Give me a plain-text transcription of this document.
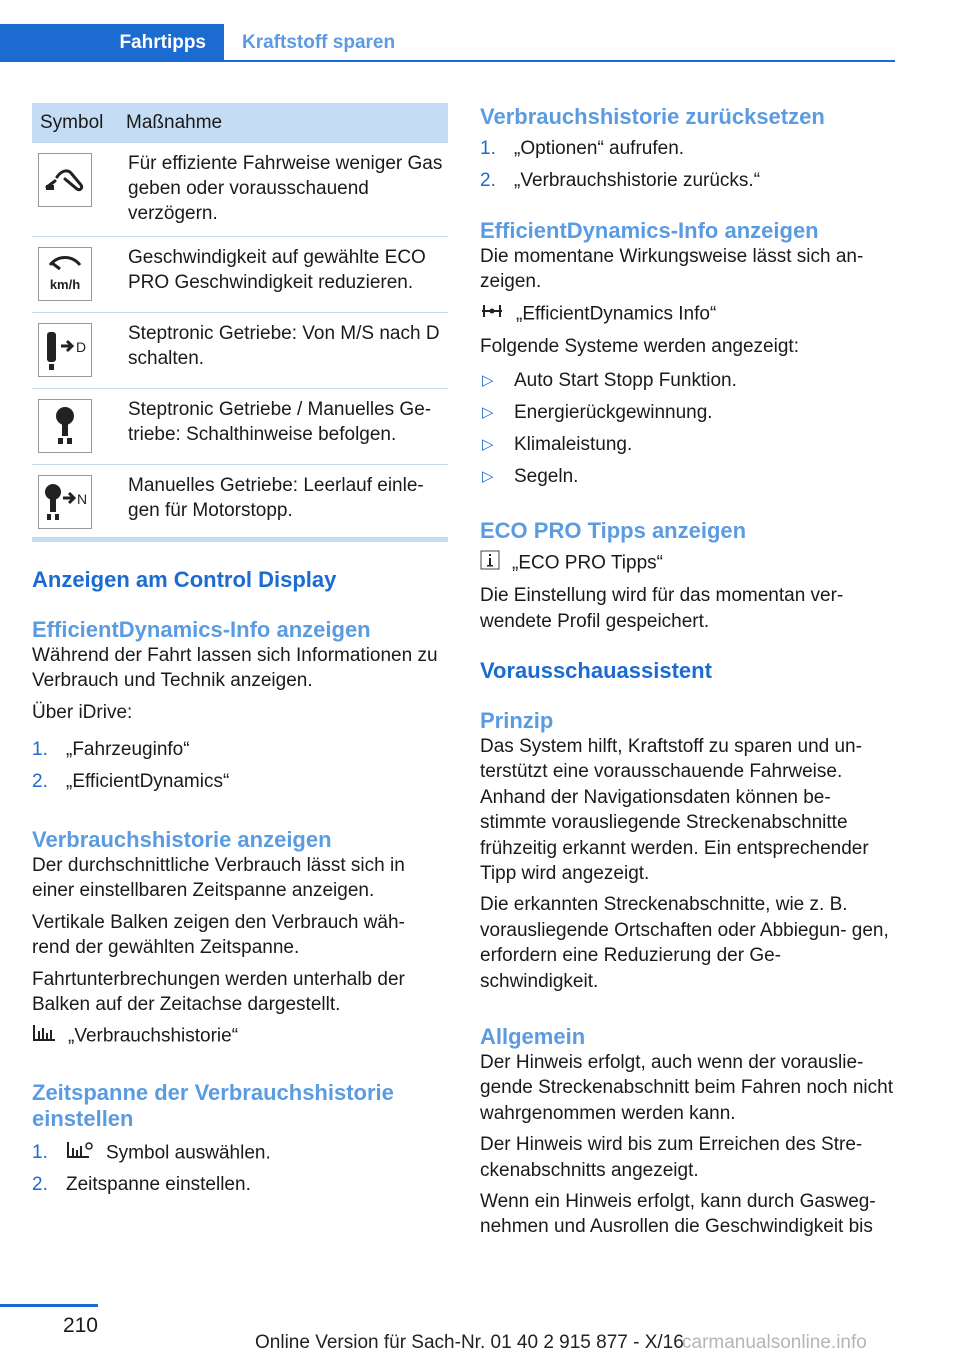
Fahrtipps	Kraftstoff sparen
Symbol	Maßnahme

	Für effiziente Fahrweise weniger Gas geben oder vorausschauend verzögern.

km/h	Geschwindigkeit auf gewählte ECO PRO Geschwindigkeit reduzieren.

D	Steptronic Getriebe: Von M/S nach D schalten.

	Steptronic Getriebe / Manuelles Ge- triebe: Schalthinweise befolgen.

N	Manuelles Getriebe: Leerlauf einle- gen für Motorstopp.
Anzeigen am Control Display
EfficientDynamics-Info anzeigen

Während der Fahrt lassen sich Informationen zu Verbrauch und Technik anzeigen.

Über iDrive:

1. „Fahrzeuginfo“
2. „EfficientDynamics“
Verbrauchshistorie anzeigen

Der durchschnittliche Verbrauch lässt sich in einer einstellbaren Zeitspanne anzeigen.

Vertikale Balken zeigen den Verbrauch wäh- rend der gewählten Zeitspanne.

Fahrtunterbrechungen werden unterhalb der Balken auf der Zeitachse dargestellt.

„Verbrauchshistorie“

Zeitspanne der Verbrauchshistorie einstellen
1.	Symbol auswählen.
2. Zeitspanne einstellen.
Verbrauchshistorie zurücksetzen
1. „Optionen“ aufrufen.
2. „Verbrauchshistorie zurücks.“
EfficientDynamics-Info anzeigen

Die momentane Wirkungsweise lässt sich an- zeigen.

„EfficientDynamics Info“

Folgende Systeme werden angezeigt:

▷ Auto Start Stopp Funktion.
▷ Energierückgewinnung.
▷ Klimaleistung.
▷ Segeln.
ECO PRO Tipps anzeigen

„ECO PRO Tipps“

Die Einstellung wird für das momentan ver- wendete Profil gespeichert.

Vorausschauassistent
Prinzip

Das System hilft, Kraftstoff zu sparen und un- terstützt eine vorausschauende Fahrweise. Anhand der Navigationsdaten können be- stimmte vorausliegende Streckenabschnitte frühzeitig erkannt werden. Ein entsprechender Tipp wird angezeigt.

Die erkannten Streckenabschnitte, wie z. B. vorausliegende Ortschaften oder Abbiegun- gen, erfordern eine Reduzierung der Ge- schwindigkeit.

Allgemein

Der Hinweis erfolgt, auch wenn der vorauslie- gende Streckenabschnitt beim Fahren noch nicht wahrgenommen werden kann.

Der Hinweis wird bis zum Erreichen des Stre- ckenabschnitts angezeigt.

Wenn ein Hinweis erfolgt, kann durch Gasweg- nehmen und Ausrollen die Geschwindigkeit bis

210
Online Version für Sach-Nr. 01 40 2 915 877 - X/16
carmanualsonline.info
